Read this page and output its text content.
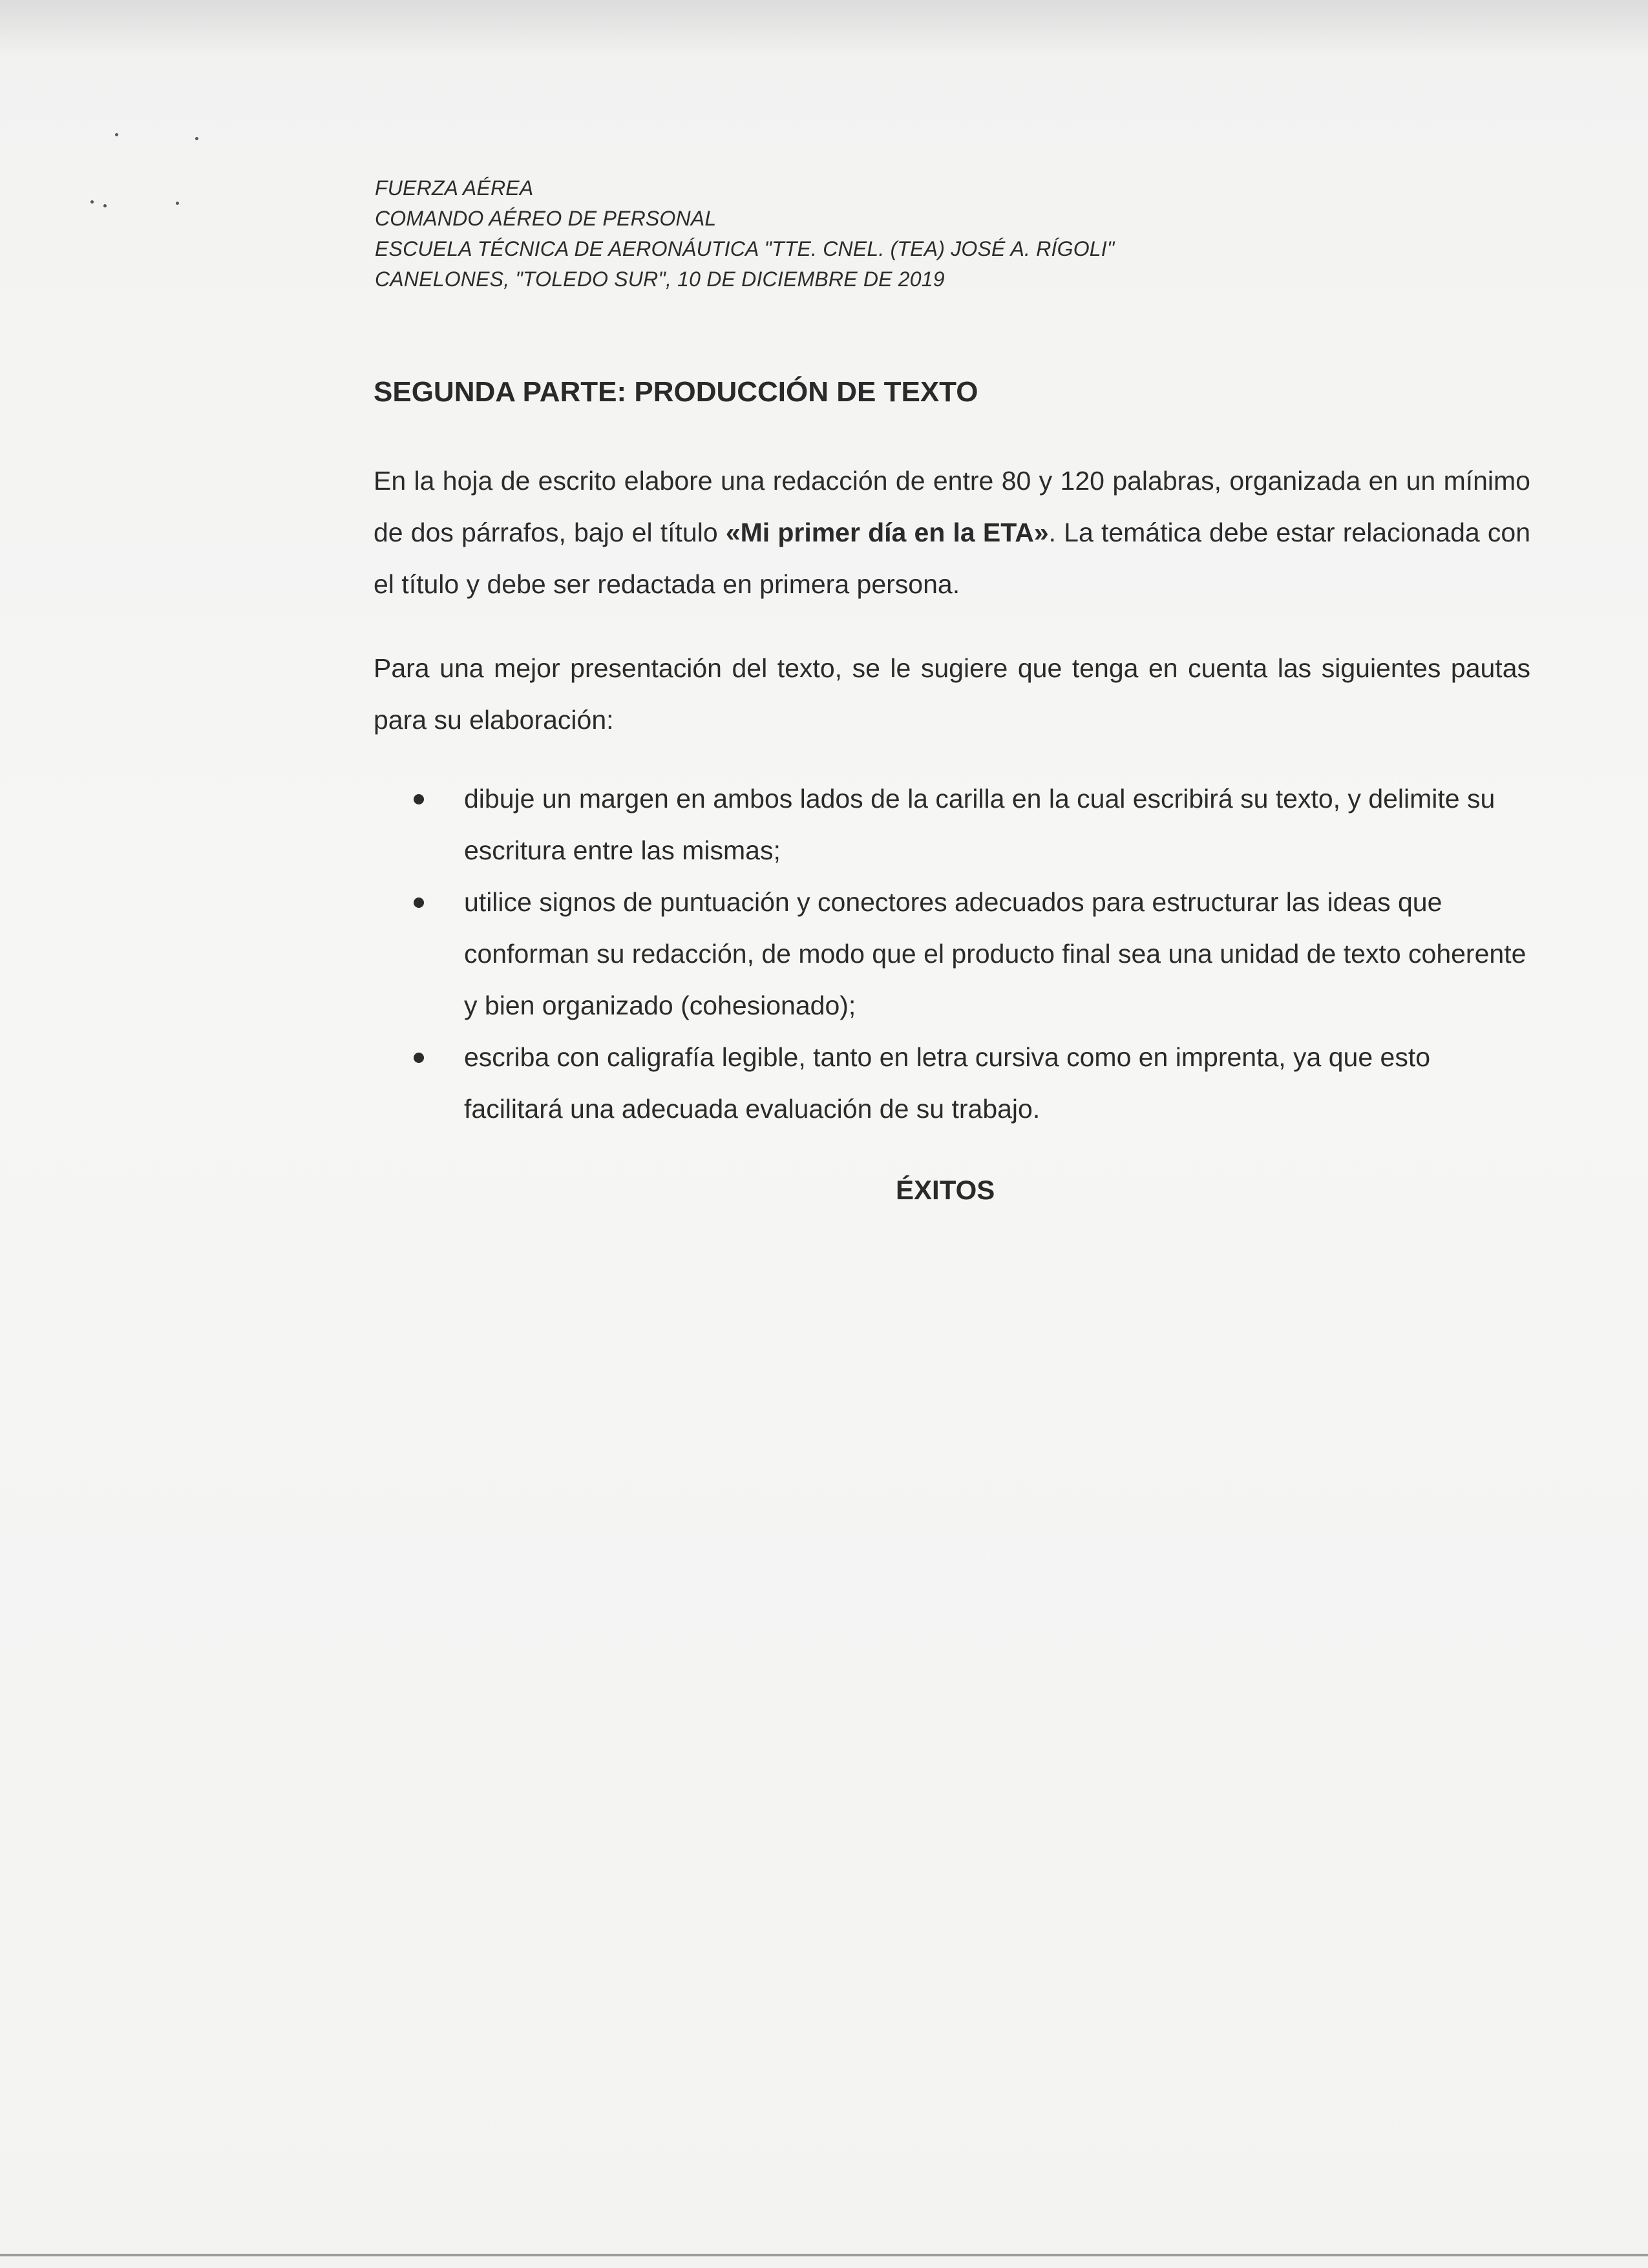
FUERZA AÉREA
COMANDO AÉREO DE PERSONAL
ESCUELA TÉCNICA DE AERONÁUTICA "TTE. CNEL. (TEA) JOSÉ A. RÍGOLI"
CANELONES, "TOLEDO SUR", 10 DE DICIEMBRE DE 2019
SEGUNDA PARTE: PRODUCCIÓN DE TEXTO
En la hoja de escrito elabore una redacción de entre 80 y 120 palabras, organizada en un mínimo de dos párrafos, bajo el título «Mi primer día en la ETA». La temática debe estar relacionada con el título y debe ser redactada en primera persona.
Para una mejor presentación del texto, se le sugiere que tenga en cuenta las siguientes pautas para su elaboración:
dibuje un margen en ambos lados de la carilla en la cual escribirá su texto, y delimite su escritura entre las mismas;
utilice signos de puntuación y conectores adecuados para estructurar las ideas que conforman su redacción, de modo que el producto final sea una unidad de texto coherente y bien organizado (cohesionado);
escriba con caligrafía legible, tanto en letra cursiva como en imprenta, ya que esto facilitará una adecuada evaluación de su trabajo.
ÉXITOS
